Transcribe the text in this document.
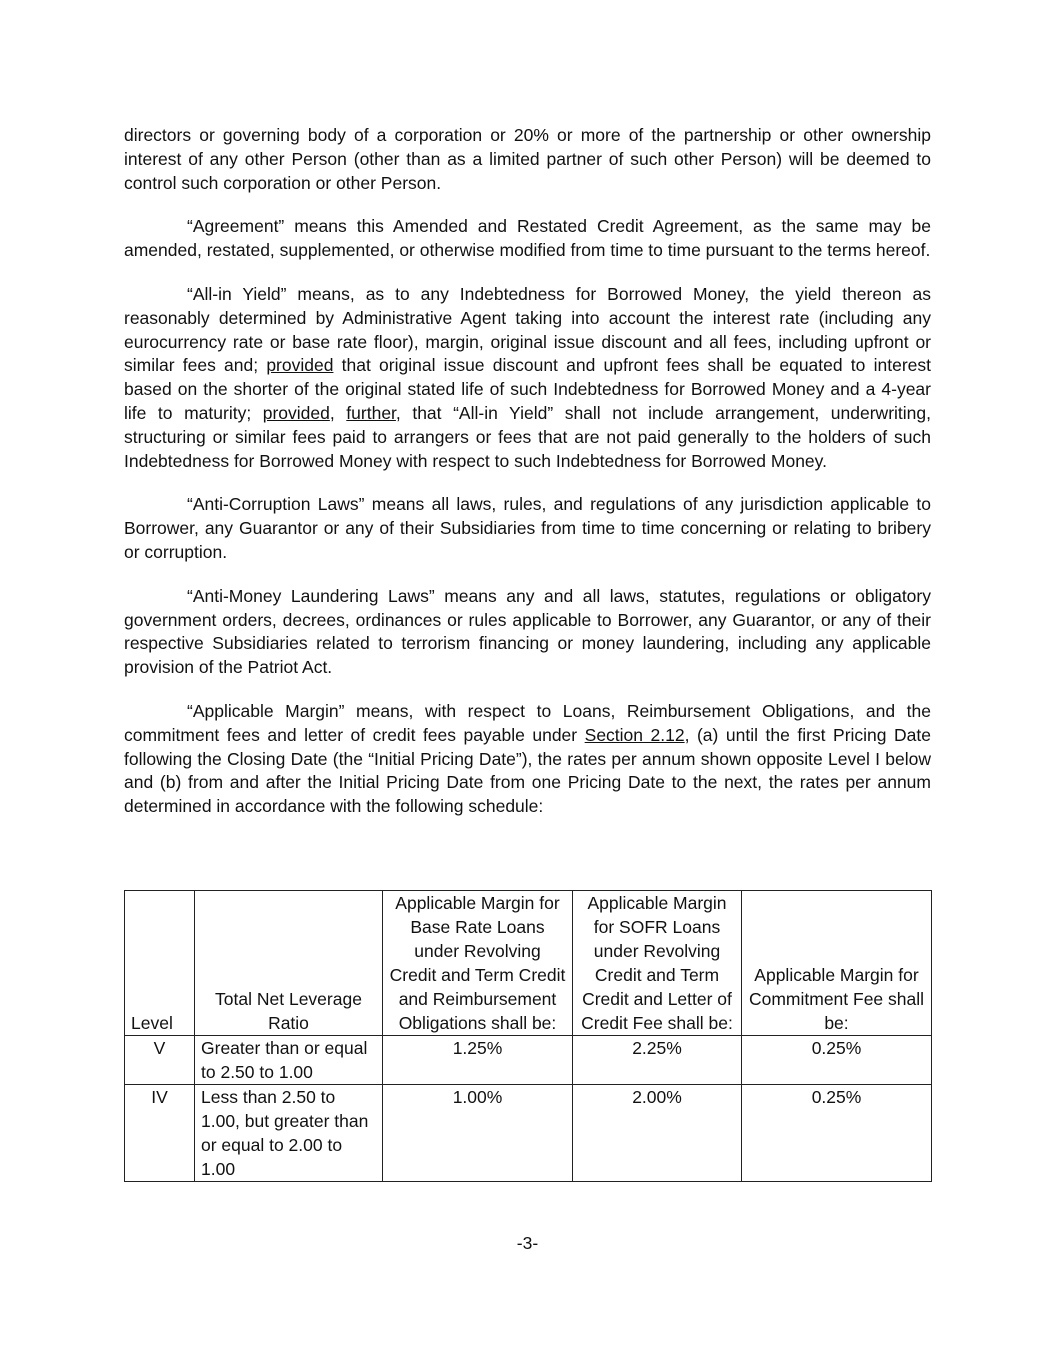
directors or governing body of a corporation or 20% or more of the partnership or other ownership interest of any other Person (other than as a limited partner of such other Person) will be deemed to control such corporation or other Person.

“Agreement” means this Amended and Restated Credit Agreement, as the same may be amended, restated, supplemented, or otherwise modified from time to time pursuant to the terms hereof.

“All-in Yield” means, as to any Indebtedness for Borrowed Money, the yield thereon as reasonably determined by Administrative Agent taking into account the interest rate (including any eurocurrency rate or base rate floor), margin, original issue discount and all fees, including upfront or similar fees and; provided that original issue discount and upfront fees shall be equated to interest based on the shorter of the original stated life of such Indebtedness for Borrowed Money and a 4-year life to maturity; provided, further, that “All-in Yield” shall not include arrangement, underwriting, structuring or similar fees paid to arrangers or fees that are not paid generally to the holders of such Indebtedness for Borrowed Money with respect to such Indebtedness for Borrowed Money.

“Anti-Corruption Laws” means all laws, rules, and regulations of any jurisdiction applicable to Borrower, any Guarantor or any of their Subsidiaries from time to time concerning or relating to bribery or corruption.

“Anti-Money Laundering Laws” means any and all laws, statutes, regulations or obligatory government orders, decrees, ordinances or rules applicable to Borrower, any Guarantor, or any of their respective Subsidiaries related to terrorism financing or money laundering, including any applicable provision of the Patriot Act.

“Applicable Margin” means, with respect to Loans, Reimbursement Obligations, and the commitment fees and letter of credit fees payable under Section 2.12, (a) until the first Pricing Date following the Closing Date (the “Initial Pricing Date”), the rates per annum shown opposite Level I below and (b) from and after the Initial Pricing Date from one Pricing Date to the next, the rates per annum determined in accordance with the following schedule:

Level	Total Net Leverage Ratio	Applicable Margin for Base Rate Loans under Revolving Credit and Term Credit and Reimbursement Obligations shall be:	Applicable Margin for SOFR Loans under Revolving Credit and Term Credit and Letter of Credit Fee shall be:	Applicable Margin for Commitment Fee shall be:
V	Greater than or equal to 2.50 to 1.00	1.25%	2.25%	0.25%
IV	Less than 2.50 to 1.00, but greater than or equal to 2.00 to 1.00	1.00%	2.00%	0.25%
-3-
